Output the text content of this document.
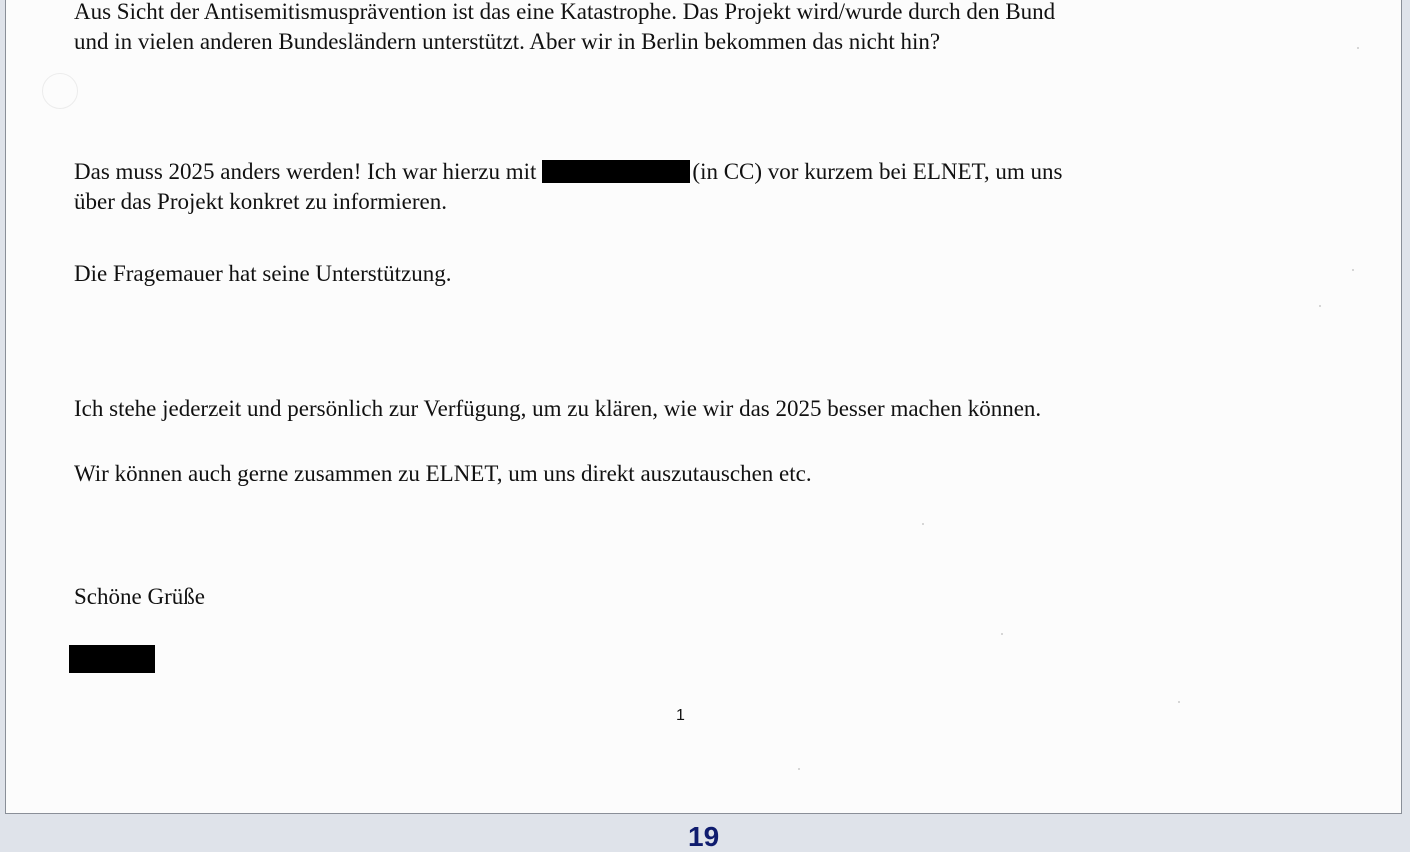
Aus Sicht der Antisemitismusprävention ist das eine Katastrophe. Das Projekt wird/wurde durch den Bund

und in vielen anderen Bundesländern unterstützt. Aber wir in Berlin bekommen das nicht hin?

Das muss 2025 anders werden! Ich war hierzu mit	(in CC) vor kurzem bei ELNET, um uns

über das Projekt konkret zu informieren.

Die Fragemauer hat seine Unterstützung.

Ich stehe jederzeit und persönlich zur Verfügung, um zu klären, wie wir das 2025 besser machen können.

Wir können auch gerne zusammen zu ELNET, um uns direkt auszutauschen etc.

Schöne Grüße

1
19
